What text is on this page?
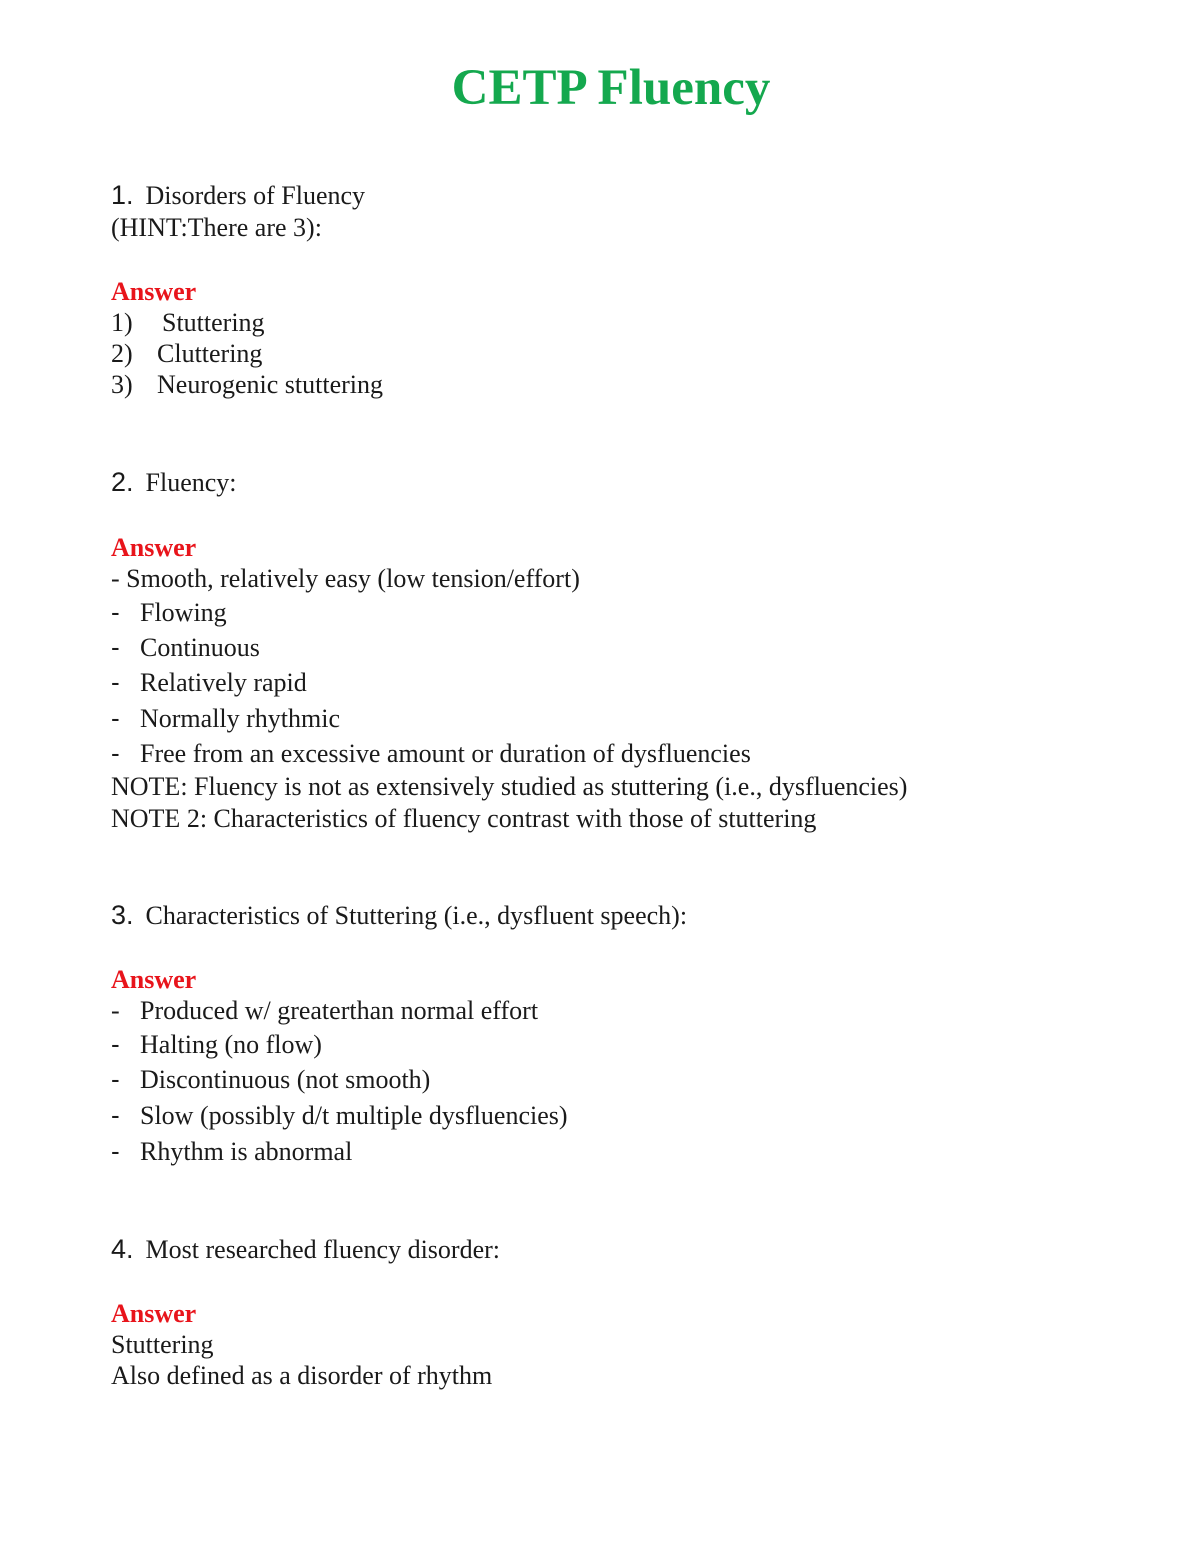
CETP Fluency
1. Disorders of Fluency
(HINT:There are 3):
Answer
1) Stuttering
2) Cluttering
3) Neurogenic stuttering
2. Fluency:
Answer
- Smooth, relatively easy (low tension/effort)
- Flowing
- Continuous
- Relatively rapid
- Normally rhythmic
- Free from an excessive amount or duration of dysfluencies
NOTE: Fluency is not as extensively studied as stuttering (i.e., dysfluencies)
NOTE 2: Characteristics of fluency contrast with those of stuttering
3. Characteristics of Stuttering (i.e., dysfluent speech):
Answer
- Produced w/ greaterthan normal effort
- Halting (no flow)
- Discontinuous (not smooth)
- Slow (possibly d/t multiple dysfluencies)
- Rhythm is abnormal
4. Most researched fluency disorder:
Answer
Stuttering
Also defined as a disorder of rhythm
